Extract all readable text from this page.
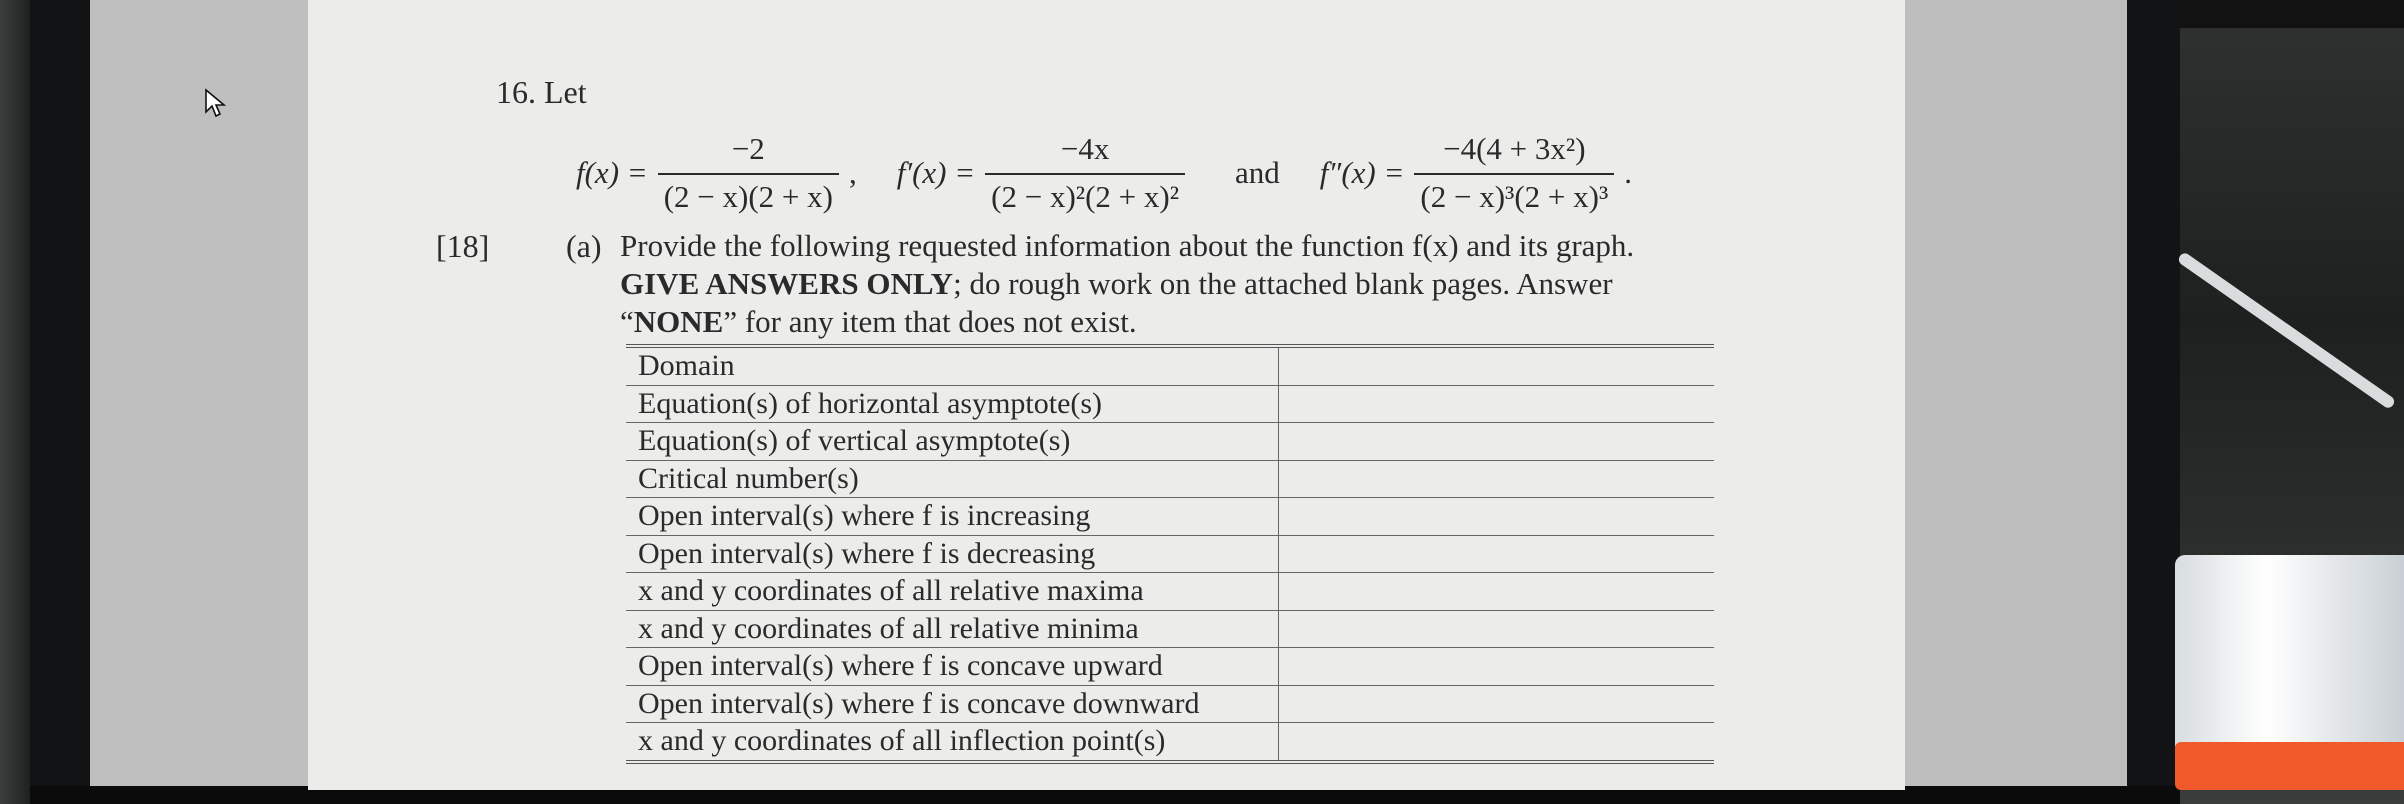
16. Let
$f(x) = \frac{-2}{(2 - x)(2 + x)}$ , $f'(x) = \frac{-4x}{\text{(2 − x)²(2 + x)²}}$ and $f''(x) = \frac{\text{−4(4 + 3x²)}}{\text{(2 − x)³(2 + x)³}}$ .
[18] (a) Provide the following requested information about the function f(x) and its graph.
GIVE ANSWERS ONLY; do rough work on the attached blank pages. Answer
“NONE” for any item that does not exist.
Domain	
Equation(s) of horizontal asymptote(s)	
Equation(s) of vertical asymptote(s)	
Critical number(s)	
Open interval(s) where f is increasing	
Open interval(s) where f is decreasing	
x and y coordinates of all relative maxima	
x and y coordinates of all relative minima	
Open interval(s) where f is concave upward	
Open interval(s) where f is concave downward	
x and y coordinates of all inflection point(s)	
